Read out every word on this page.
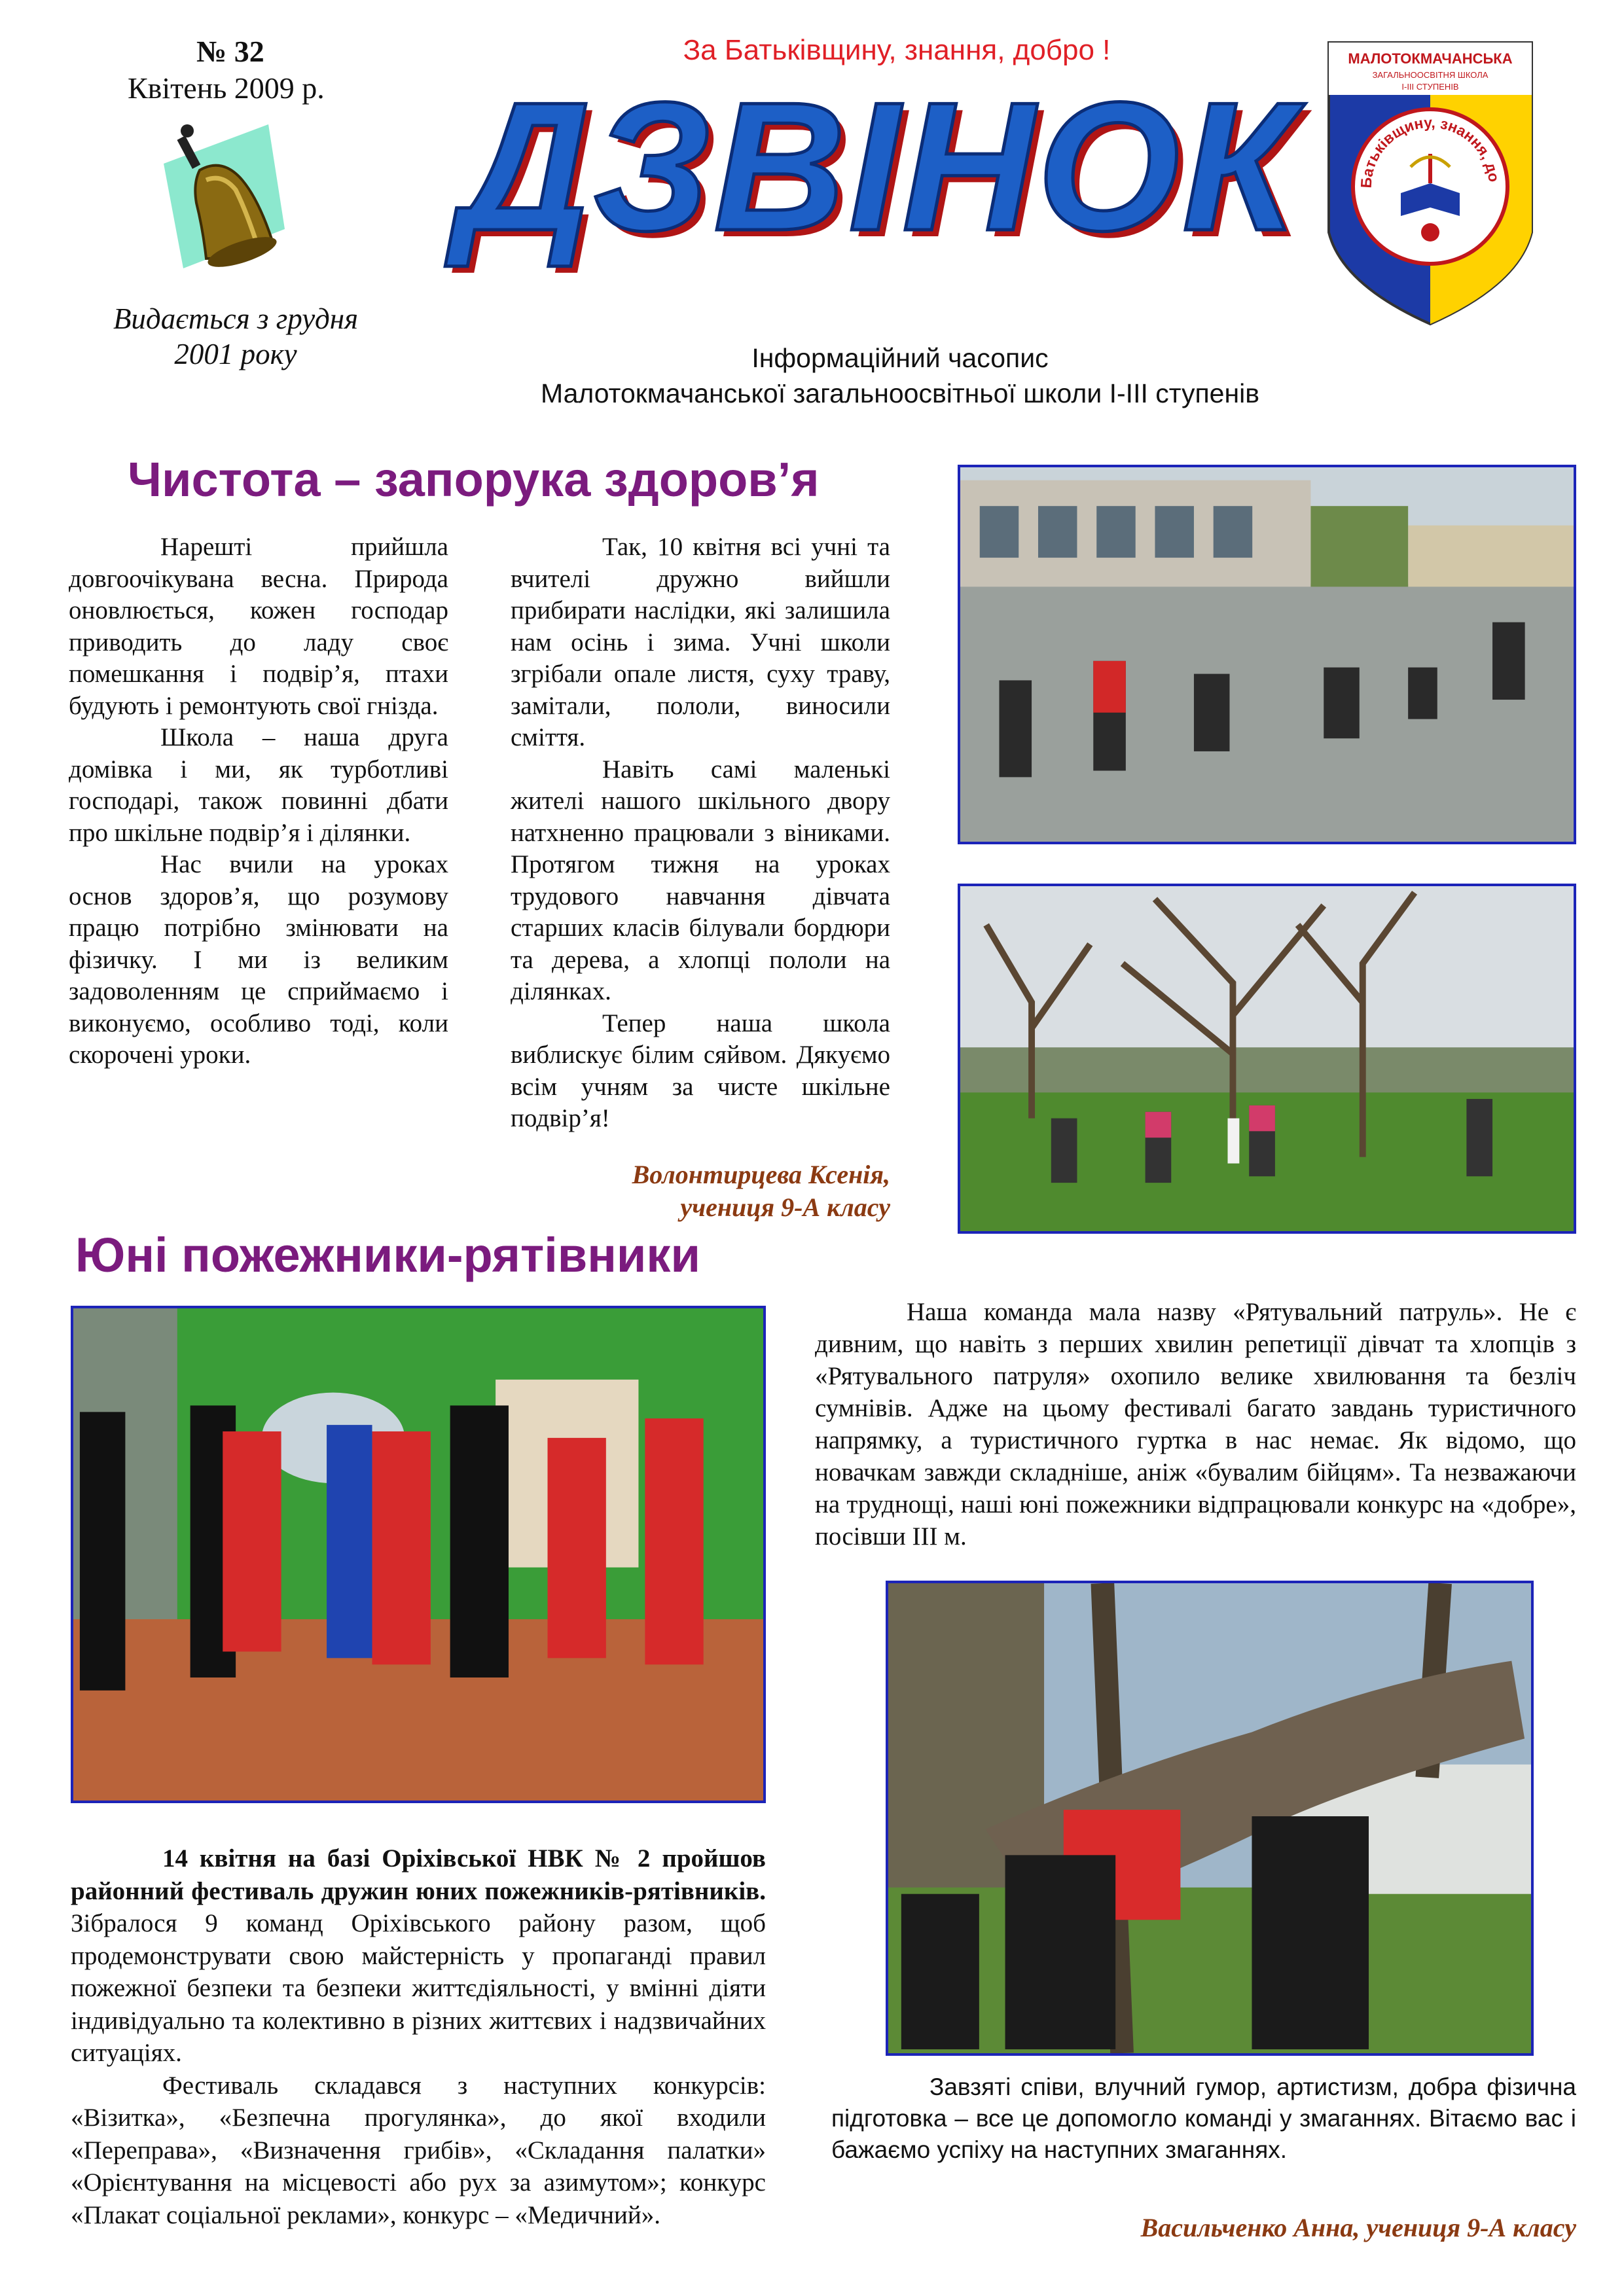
№ 32
Квітень 2009 р.
Видається з грудня
2001 року
За Батьківщину, знання, добро !
ДЗВІНОК
Інформаційний часопис
Малотокмачанської загальноосвітньої школи І-ІІІ ступенів
МАЛОТОКМАЧАНСЬКА
ЗАГАЛЬНООСВІТНЯ ШКОЛА
І-ІІІ СТУПЕНІВ
Батьківщину, знання, до
Чистота – запорука здоров’я

Нарешті прийшла довгоочікувана весна. Природа оновлюється, кожен господар приводить до ладу своє помешкання і подвір’я, птахи будують і ремонтують свої гнізда.

Школа – наша друга домівка і ми, як турботливі господарі, також повинні дбати про шкільне подвір’я і ділянки.

Нас вчили на уроках основ здоров’я, що розумову працю потрібно змінювати на фізичку. І ми із великим задоволенням це сприймаємо і виконуємо, особливо тоді, коли скорочені уроки.

Так, 10 квітня всі учні та вчителі дружно вийшли прибирати наслідки, які залишила нам осінь і зима. Учні школи згрібали опале листя, суху траву, замітали, пололи, виносили сміття.

Навіть самі маленькі жителі нашого шкільного двору натхненно працювали з віниками. Протягом тижня на уроках трудового навчання дівчата старших класів білували бордюри та дерева, а хлопці пололи на ділянках.

Тепер наша школа виблискує білим сяйвом. Дякуємо всім учням за чисте шкільне подвір’я!

Волонтирцева Ксенія,
учениця 9-А класу
Юні пожежники-рятівники

Наша команда мала назву «Рятувальний патруль». Не є дивним, що навіть з перших хвилин репетиції дівчат та хлопців з «Рятувального патруля» охопило велике хвилювання та безліч сумнівів. Адже на цьому фестивалі багато завдань туристичного напрямку, а туристичного гуртка в нас немає. Як відомо, що новачкам завжди складніше, аніж «бувалим бійцям». Та незважаючи на труднощі, наші юні пожежники відпрацювали конкурс на «добре», посівши ІІІ м.

14 квітня на базі Оріхівської НВК № 2 пройшов районний фестиваль дружин юних пожежників-рятівників. Зібралося 9 команд Оріхівського району разом, щоб продемонструвати свою майстерність у пропаганді правил пожежної безпеки та безпеки життєдіяльності, у вмінні діяти індивідуально та колективно в різних життєвих і надзвичайних ситуаціях.

Фестиваль складався з наступних конкурсів: «Візитка», «Безпечна прогулянка», до якої входили «Переправа», «Визначення грибів», «Складання палатки» «Орієнтування на місцевості або рух за азимутом»; конкурс «Плакат соціальної реклами», конкурс – «Медичний».

Завзяті співи, влучний гумор, артистизм, добра фізична підготовка – все це допомогло команді у змаганнях. Вітаємо вас і бажаємо успіху на наступних змаганнях.

Васильченко Анна, учениця 9-А класу
